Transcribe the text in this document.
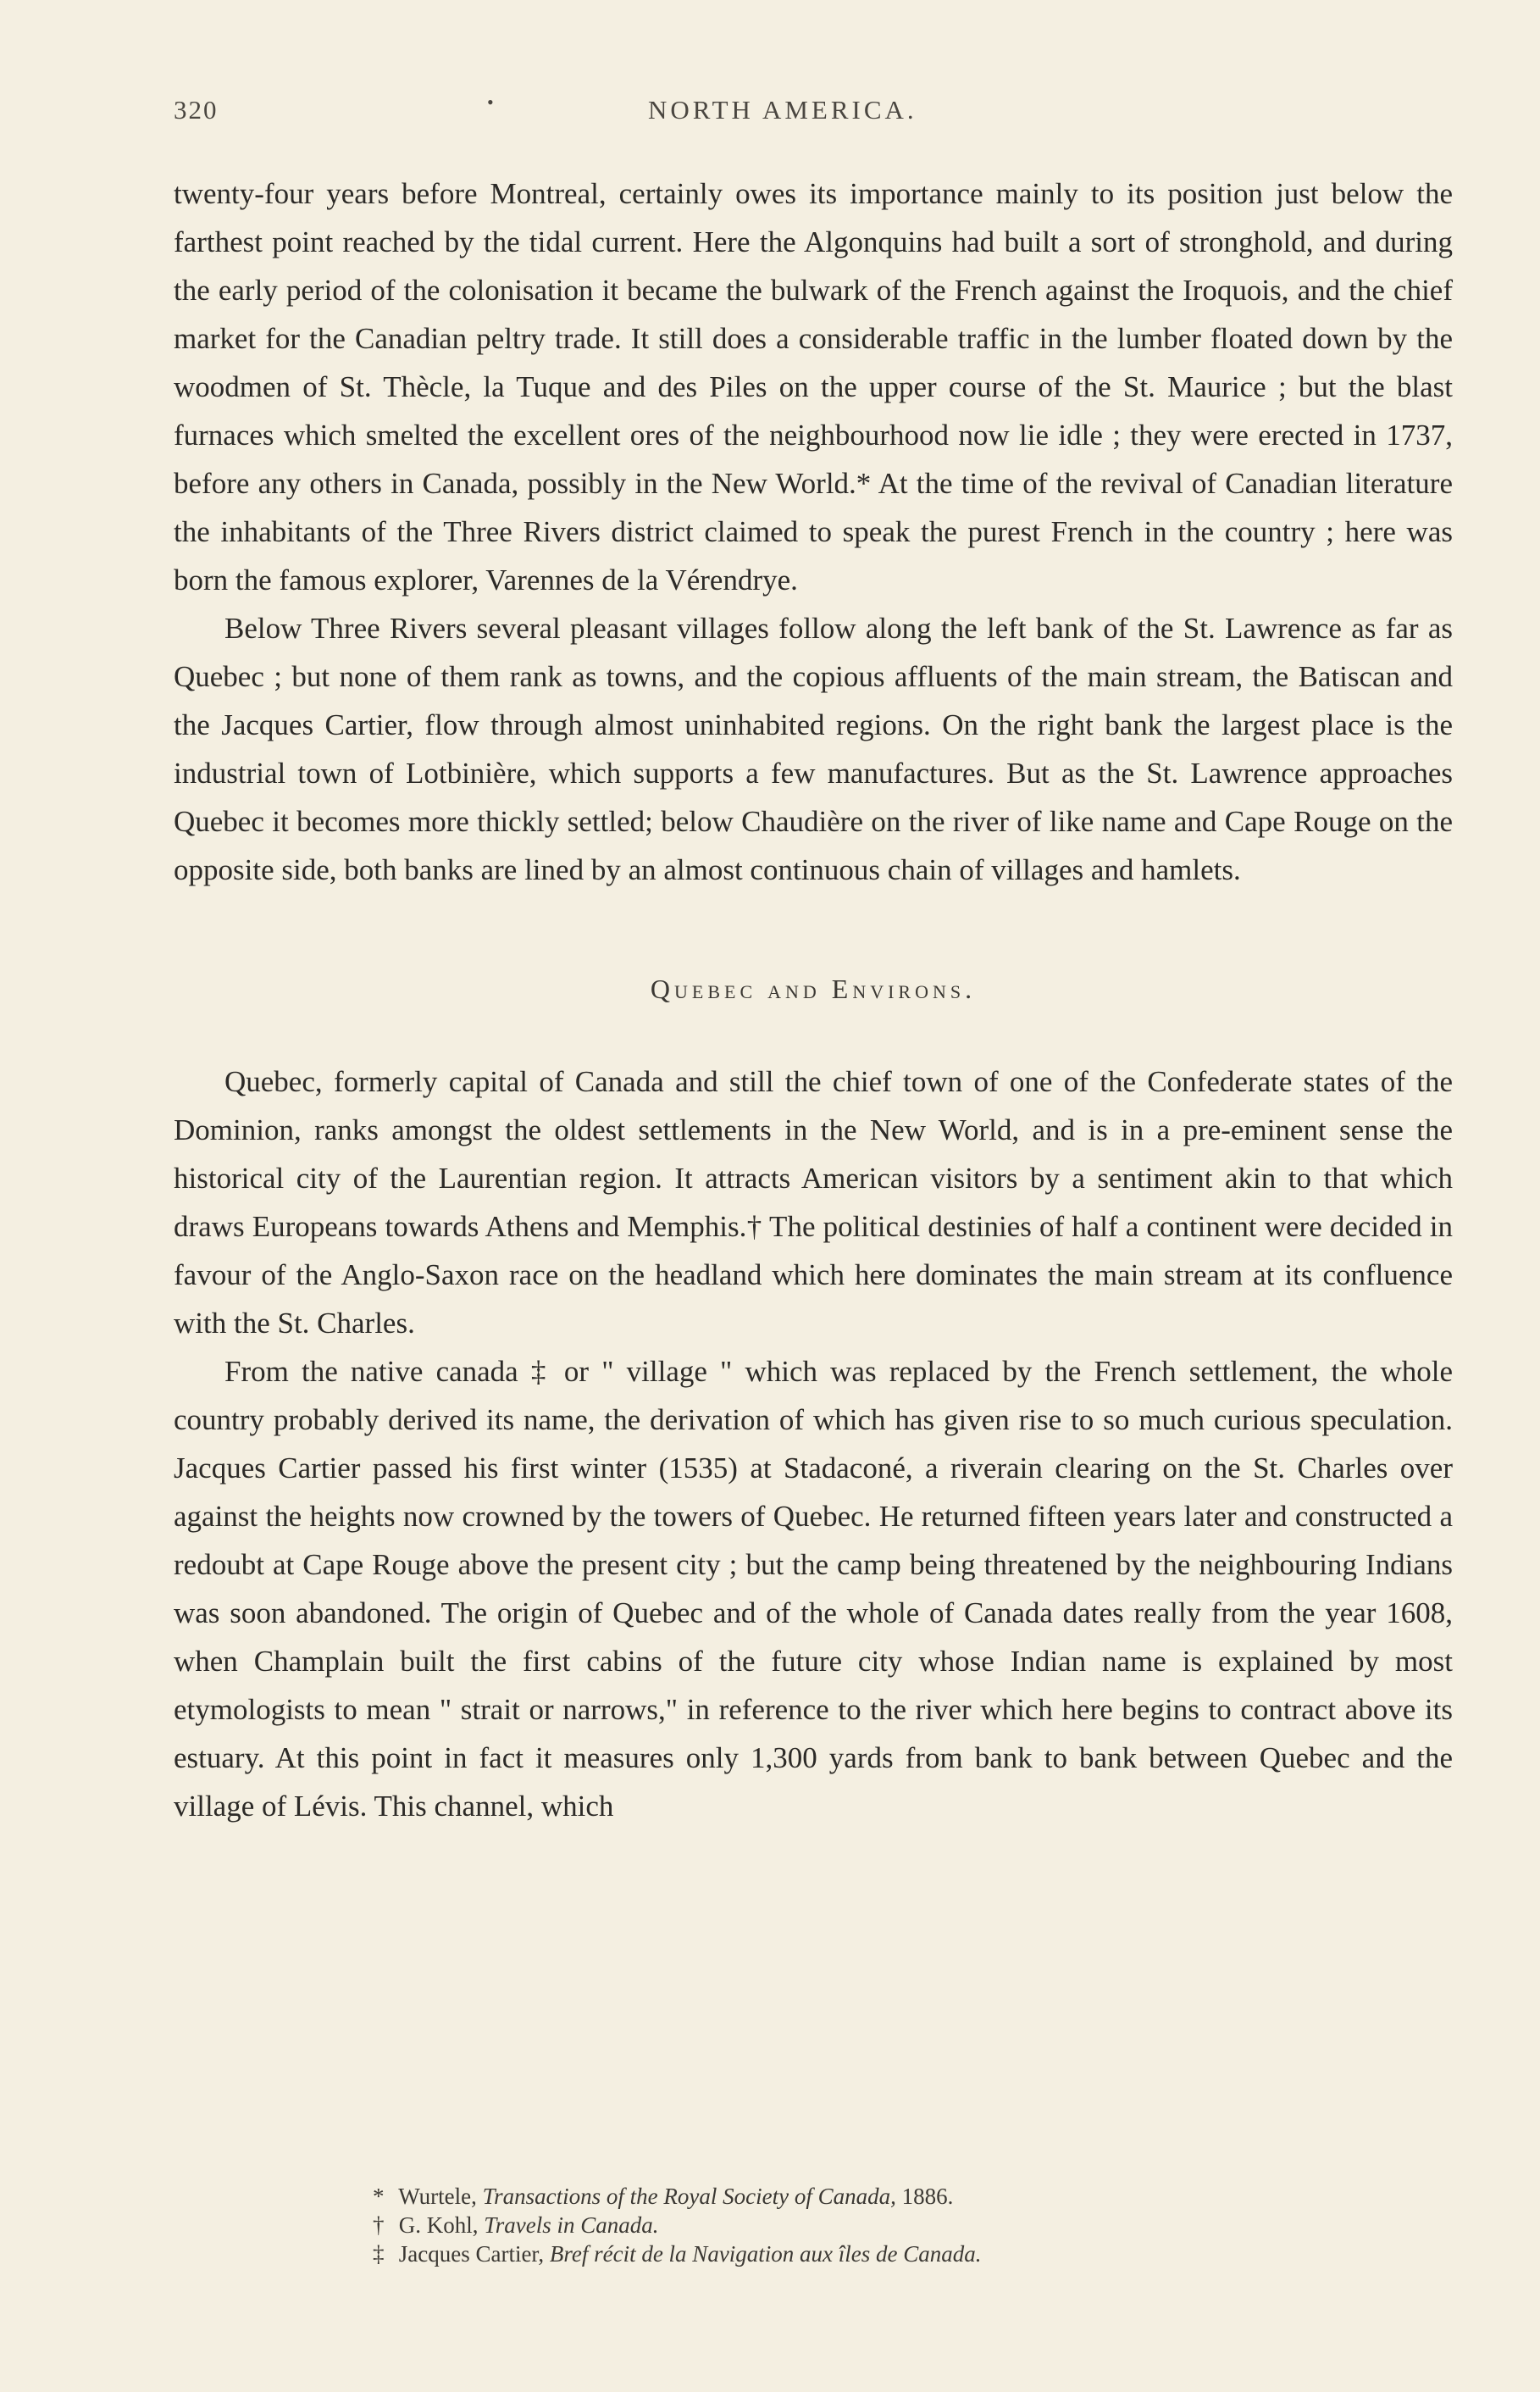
320	•	NORTH AMERICA.

twenty-four years before Montreal, certainly owes its importance mainly to its position just below the farthest point reached by the tidal current. Here the Algonquins had built a sort of stronghold, and during the early period of the colonisation it became the bulwark of the French against the Iroquois, and the chief market for the Canadian peltry trade. It still does a considerable traffic in the lumber floated down by the woodmen of St. Thècle, la Tuque and des Piles on the upper course of the St. Maurice ; but the blast furnaces which smelted the excellent ores of the neighbourhood now lie idle ; they were erected in 1737, before any others in Canada, possibly in the New World.* At the time of the revival of Canadian literature the inhabitants of the Three Rivers district claimed to speak the purest French in the country ; here was born the famous explorer, Varennes de la Vérendrye.

Below Three Rivers several pleasant villages follow along the left bank of the St. Lawrence as far as Quebec ; but none of them rank as towns, and the copious affluents of the main stream, the Batiscan and the Jacques Cartier, flow through almost uninhabited regions. On the right bank the largest place is the industrial town of Lotbinière, which supports a few manufactures. But as the St. Lawrence approaches Quebec it becomes more thickly settled; below Chaudière on the river of like name and Cape Rouge on the opposite side, both banks are lined by an almost continuous chain of villages and hamlets.

Quebec and Environs.

Quebec, formerly capital of Canada and still the chief town of one of the Confederate states of the Dominion, ranks amongst the oldest settlements in the New World, and is in a pre-eminent sense the historical city of the Laurentian region. It attracts American visitors by a sentiment akin to that which draws Europeans towards Athens and Memphis.† The political destinies of half a continent were decided in favour of the Anglo-Saxon race on the headland which here dominates the main stream at its confluence with the St. Charles.

From the native canada ‡ or " village " which was replaced by the French settlement, the whole country probably derived its name, the derivation of which has given rise to so much curious speculation. Jacques Cartier passed his first winter (1535) at Stadaconé, a riverain clearing on the St. Charles over against the heights now crowned by the towers of Quebec. He returned fifteen years later and constructed a redoubt at Cape Rouge above the present city ; but the camp being threatened by the neighbouring Indians was soon abandoned. The origin of Quebec and of the whole of Canada dates really from the year 1608, when Champlain built the first cabins of the future city whose Indian name is explained by most etymologists to mean " strait or narrows," in reference to the river which here begins to contract above its estuary. At this point in fact it measures only 1,300 yards from bank to bank between Quebec and the village of Lévis. This channel, which

* Wurtele, Transactions of the Royal Society of Canada, 1886.

† G. Kohl, Travels in Canada.

‡ Jacques Cartier, Bref récit de la Navigation aux îles de Canada.
